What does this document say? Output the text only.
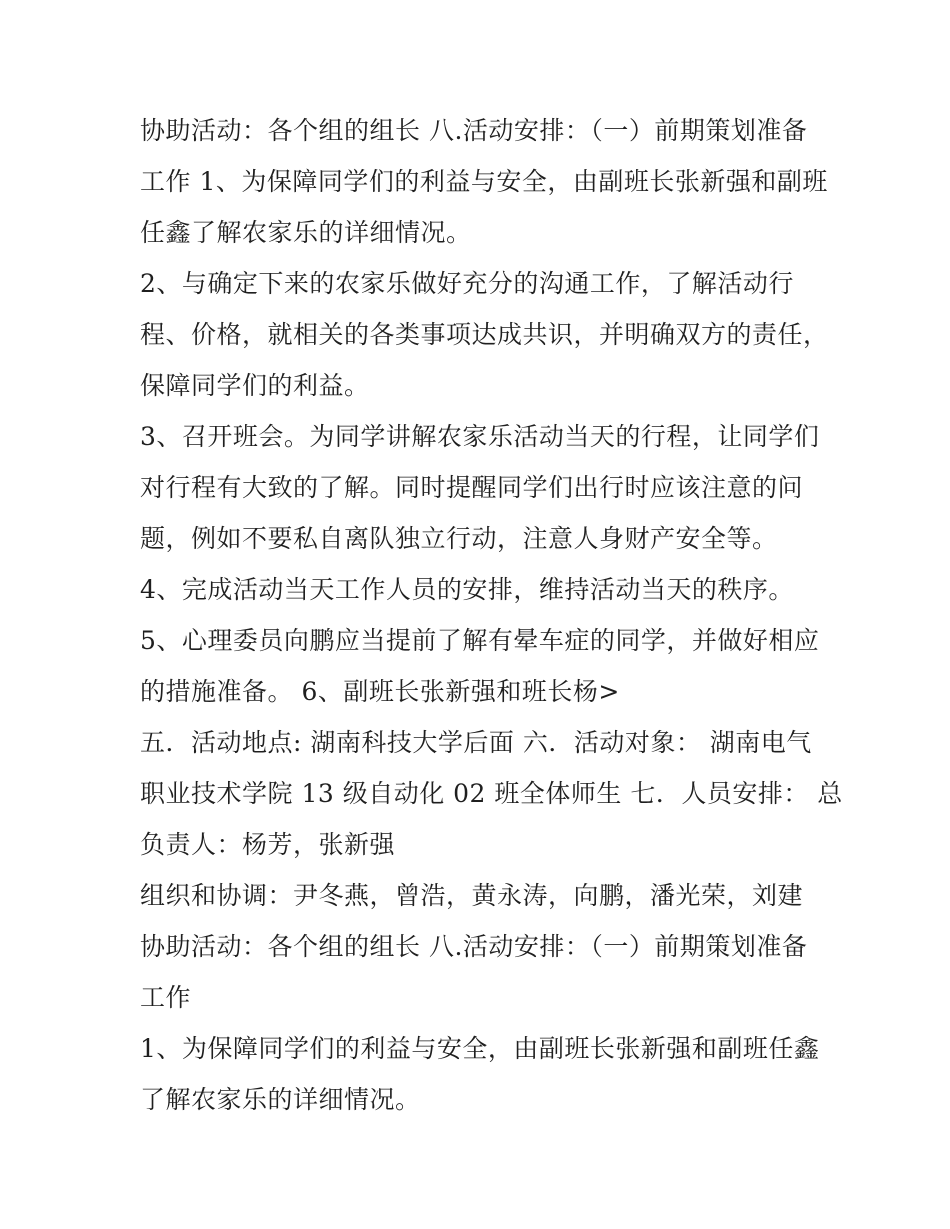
协助活动：各个组的组长 八.活动安排：（一）前期策划准备
工作 1、为保障同学们的利益与安全，由副班长张新强和副班
任鑫了解农家乐的详细情况。
2、与确定下来的农家乐做好充分的沟通工作，了解活动行
程、价格，就相关的各类事项达成共识，并明确双方的责任，
保障同学们的利益。
3、召开班会。为同学讲解农家乐活动当天的行程，让同学们
对行程有大致的了解。同时提醒同学们出行时应该注意的问
题，例如不要私自离队独立行动，注意人身财产安全等。
4、完成活动当天工作人员的安排，维持活动当天的秩序。
5、心理委员向鹏应当提前了解有晕车症的同学，并做好相应
的措施准备。 6、副班长张新强和班长杨>
五．活动地点: 湖南科技大学后面 六．活动对象： 湖南电气
职业技术学院 13 级自动化 02 班全体师生 七．人员安排： 总
负责人：杨芳，张新强
组织和协调：尹冬燕，曾浩，黄永涛，向鹏，潘光荣，刘建
协助活动：各个组的组长 八.活动安排：（一）前期策划准备
工作
1、为保障同学们的利益与安全，由副班长张新强和副班任鑫
了解农家乐的详细情况。
